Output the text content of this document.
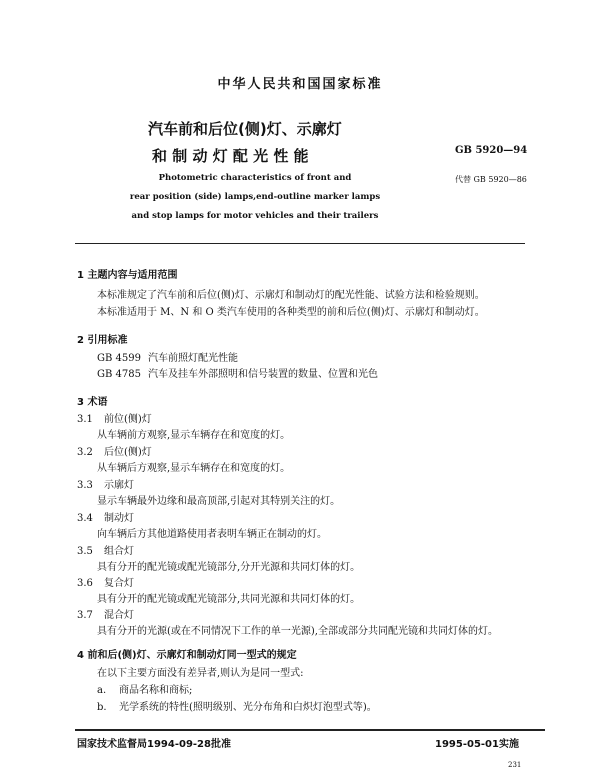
中华人民共和国国家标准
汽车前和后位(侧)灯、示廓灯
和 制 动 灯 配 光 性 能	GB 5920—94
代替 GB 5920—86
Photometric characteristics of front and
rear position (side) lamps,end-outline marker lamps
and stop lamps for motor vehicles and their trailers
1 主题内容与适用范围
本标准规定了汽车前和后位(侧)灯、示廓灯和制动灯的配光性能、试验方法和检验规则。
本标准适用于 M、N 和 O 类汽车使用的各种类型的前和后位(侧)灯、示廓灯和制动灯。
2 引用标准
GB 4599 汽车前照灯配光性能
GB 4785 汽车及挂车外部照明和信号装置的数量、位置和光色
3 术语
3.1 前位(侧)灯
从车辆前方观察,显示车辆存在和宽度的灯。
3.2 后位(侧)灯
从车辆后方观察,显示车辆存在和宽度的灯。
3.3 示廓灯
显示车辆最外边缘和最高顶部,引起对其特别关注的灯。
3.4 制动灯
向车辆后方其他道路使用者表明车辆正在制动的灯。
3.5 组合灯
具有分开的配光镜或配光镜部分,分开光源和共同灯体的灯。
3.6 复合灯
具有分开的配光镜或配光镜部分,共同光源和共同灯体的灯。
3.7 混合灯
具有分开的光源(或在不同情况下工作的单一光源),全部或部分共同配光镜和共同灯体的灯。
4 前和后(侧)灯、示廓灯和制动灯同一型式的规定
在以下主要方面没有差异者,则认为是同一型式:
a. 商品名称和商标;
b. 光学系统的特性(照明级别、光分布角和白炽灯泡型式等)。
国家技术监督局1994-09-28批准	1995-05-01实施
231
